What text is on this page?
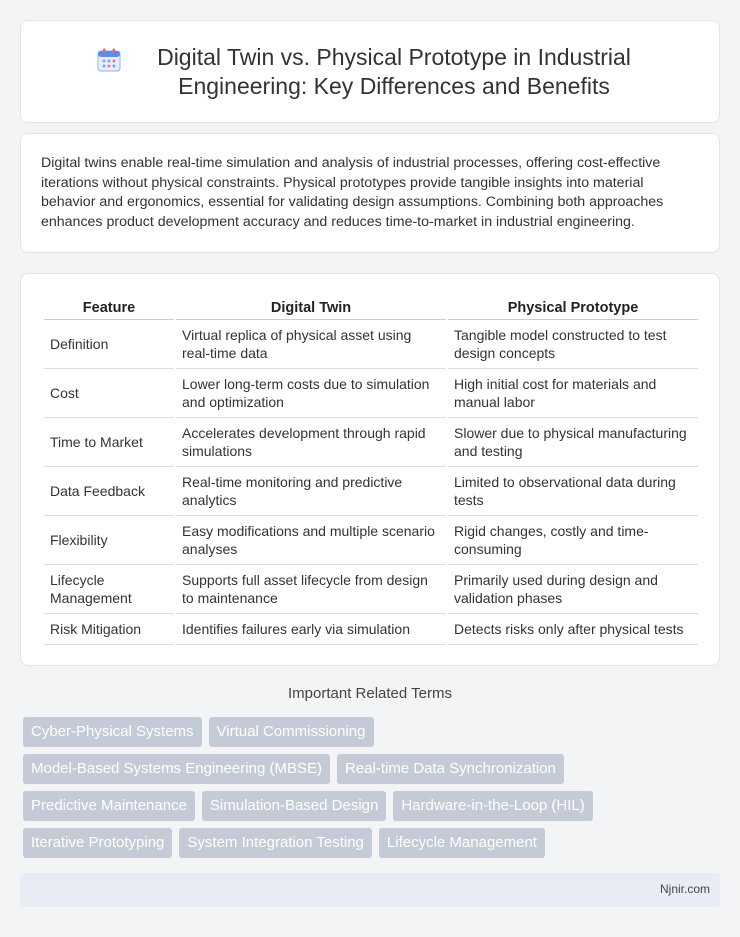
Digital Twin vs. Physical Prototype in Industrial Engineering: Key Differences and Benefits

Digital twins enable real-time simulation and analysis of industrial processes, offering cost-effective iterations without physical constraints. Physical prototypes provide tangible insights into material behavior and ergonomics, essential for validating design assumptions. Combining both approaches enhances product development accuracy and reduces time-to-market in industrial engineering.

Feature	Digital Twin	Physical Prototype
Definition	Virtual replica of physical asset using real-time data	Tangible model constructed to test design concepts
Cost	Lower long-term costs due to simulation and optimization	High initial cost for materials and manual labor
Time to Market	Accelerates development through rapid simulations	Slower due to physical manufacturing and testing
Data Feedback	Real-time monitoring and predictive analytics	Limited to observational data during tests
Flexibility	Easy modifications and multiple scenario analyses	Rigid changes, costly and time-consuming
Lifecycle Management	Supports full asset lifecycle from design to maintenance	Primarily used during design and validation phases
Risk Mitigation	Identifies failures early via simulation	Detects risks only after physical tests
Important Related Terms
Cyber-Physical Systems	Virtual Commissioning
Model-Based Systems Engineering (MBSE)	Real-time Data Synchronization
Predictive Maintenance	Simulation-Based Design	Hardware-in-the-Loop (HIL)
Iterative Prototyping	System Integration Testing	Lifecycle Management
Njnir.com
